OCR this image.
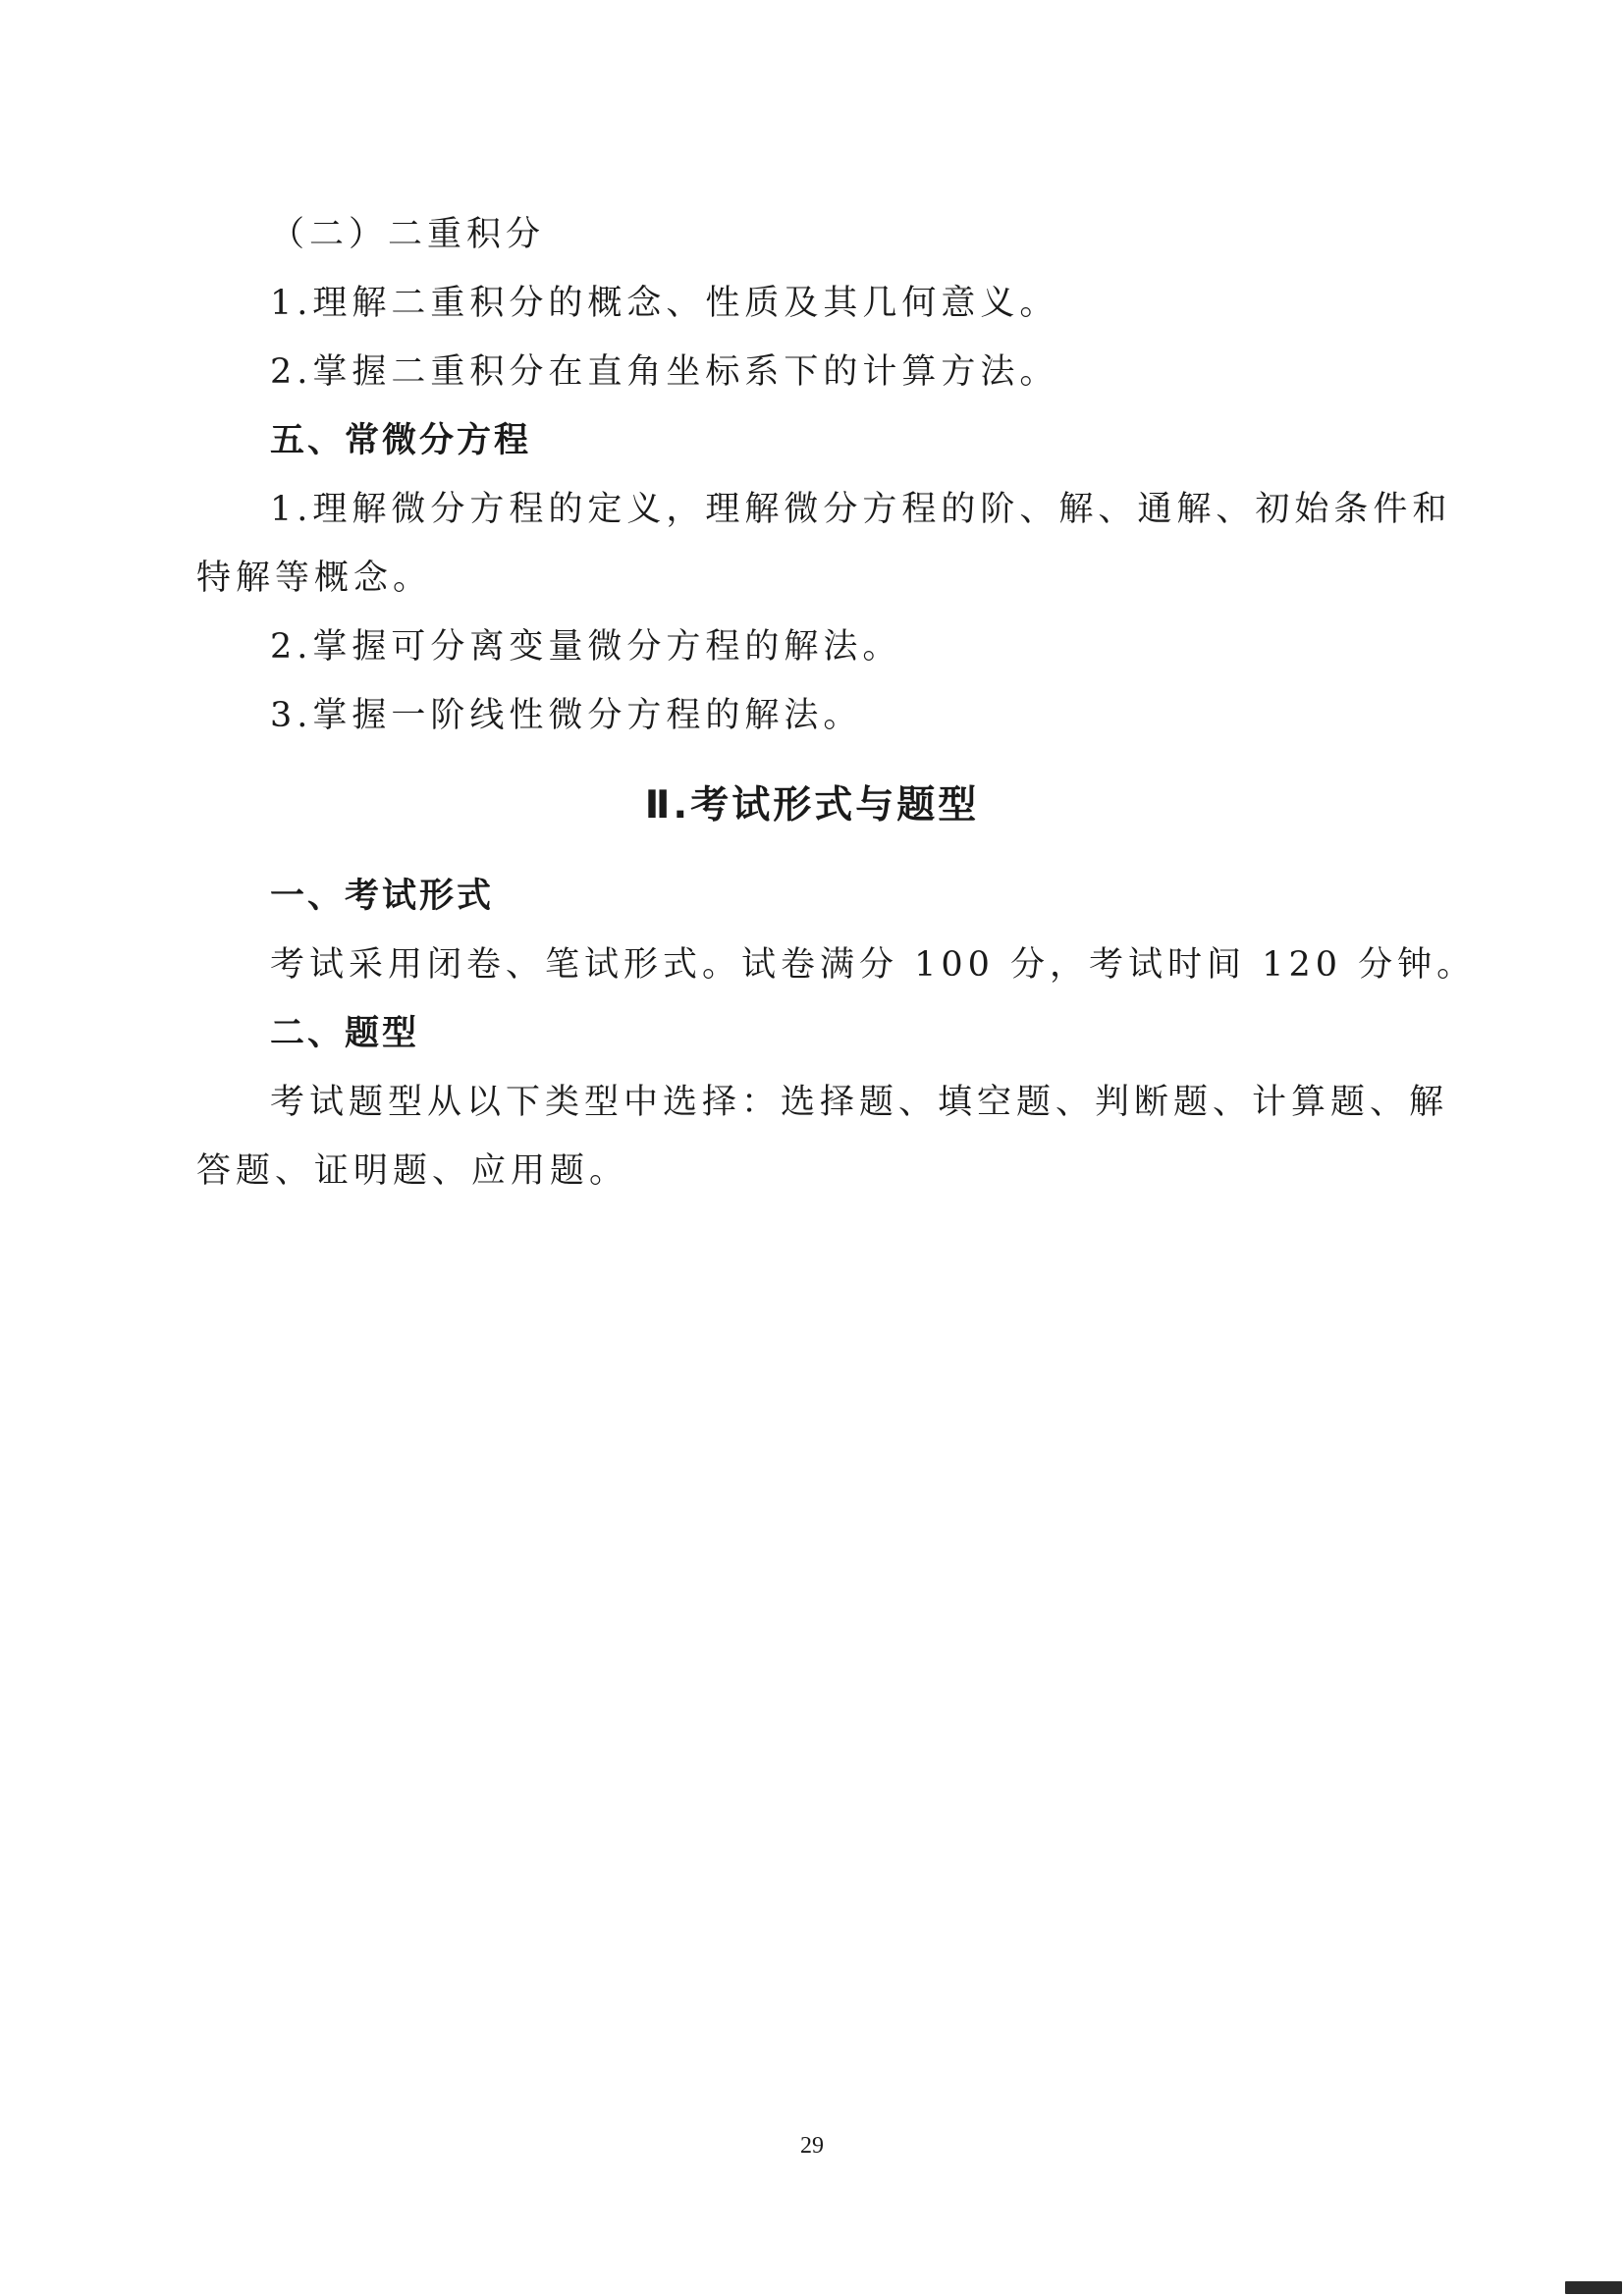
（二）二重积分
1.理解二重积分的概念、性质及其几何意义。
2.掌握二重积分在直角坐标系下的计算方法。
五、常微分方程
1.理解微分方程的定义，理解微分方程的阶、解、通解、初始条件和
特解等概念。
2.掌握可分离变量微分方程的解法。
3.掌握一阶线性微分方程的解法。
Ⅱ.考试形式与题型
一、考试形式
考试采用闭卷、笔试形式。试卷满分 100 分，考试时间 120 分钟。
二、题型
考试题型从以下类型中选择：选择题、填空题、判断题、计算题、解
答题、证明题、应用题。
29
